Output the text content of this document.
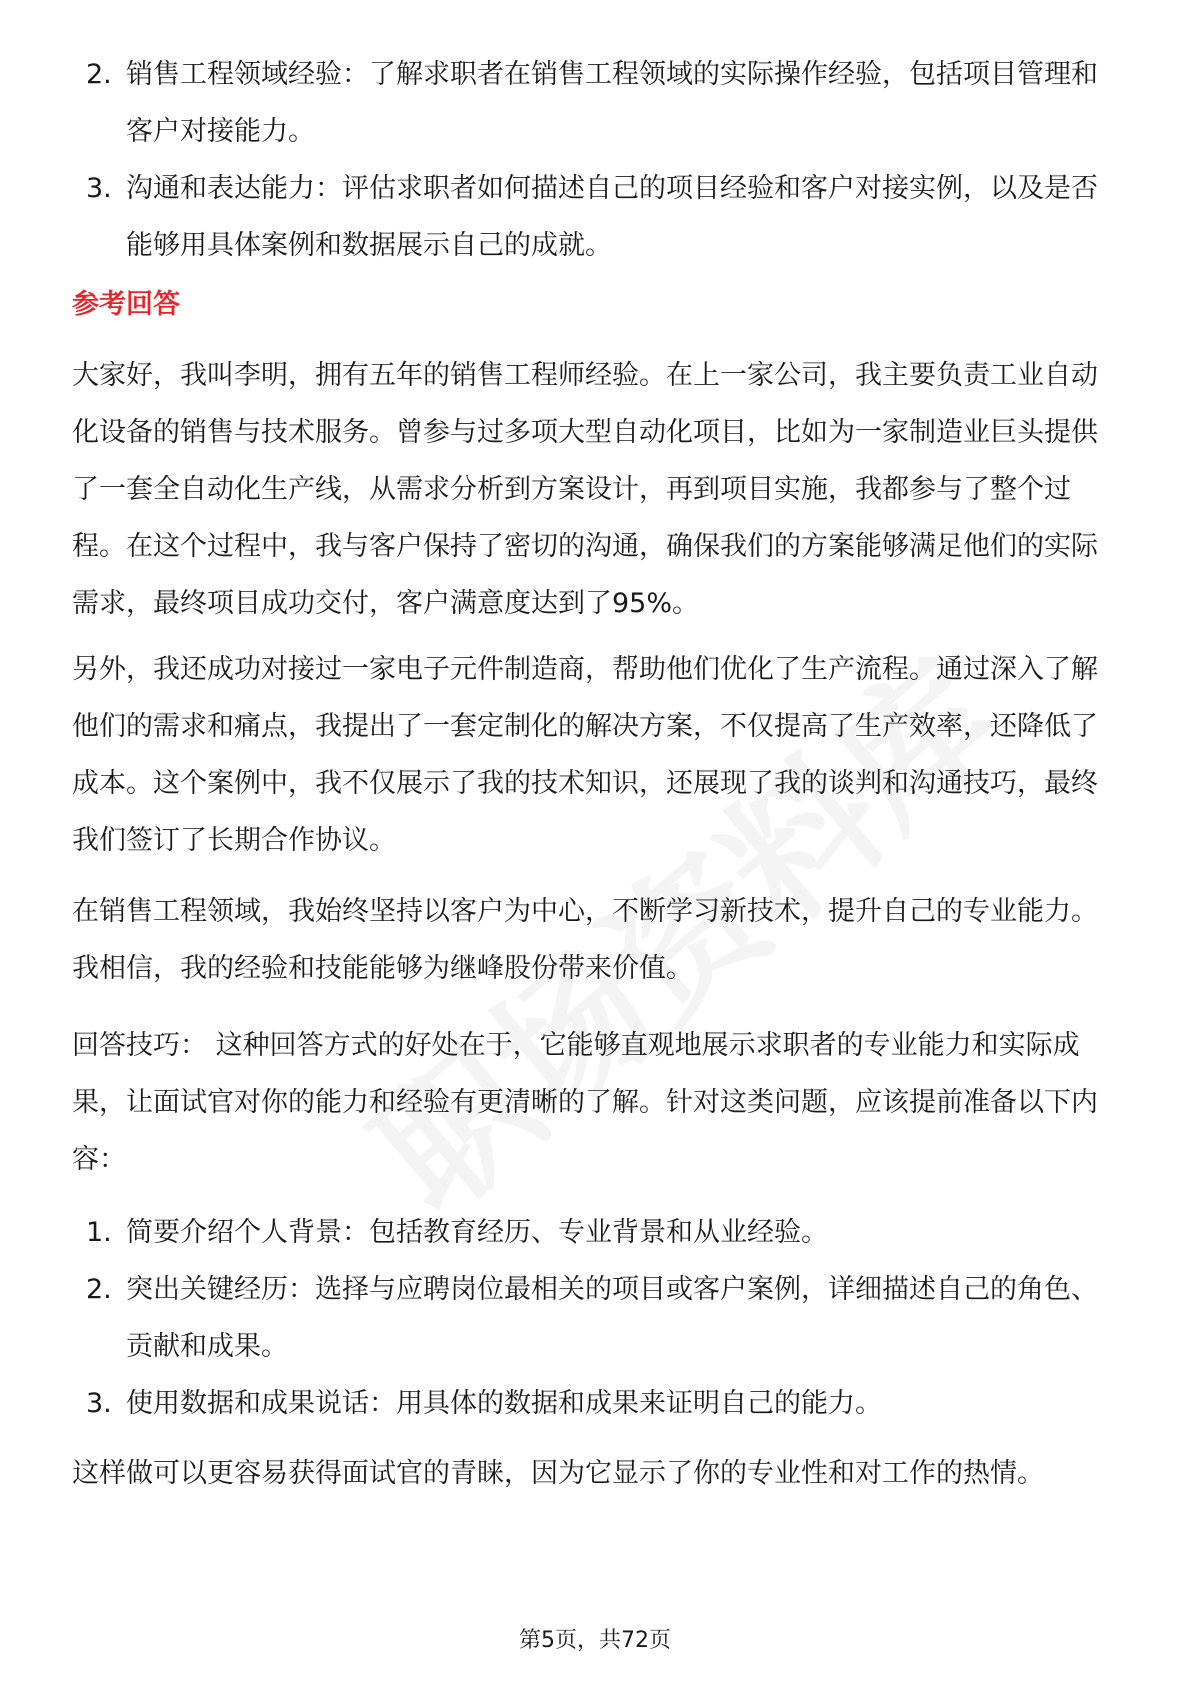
2. 销售工程领域经验：了解求职者在销售工程领域的实际操作经验，包括项目管理和客户对接能力。
3. 沟通和表达能力：评估求职者如何描述自己的项目经验和客户对接实例，以及是否能够用具体案例和数据展示自己的成就。
参考回答
大家好，我叫李明，拥有五年的销售工程师经验。在上一家公司，我主要负责工业自动化设备的销售与技术服务。曾参与过多项大型自动化项目，比如为一家制造业巨头提供了一套全自动化生产线，从需求分析到方案设计，再到项目实施，我都参与了整个过程。在这个过程中，我与客户保持了密切的沟通，确保我们的方案能够满足他们的实际需求，最终项目成功交付，客户满意度达到了95%。
另外，我还成功对接过一家电子元件制造商，帮助他们优化了生产流程。通过深入了解他们的需求和痛点，我提出了一套定制化的解决方案，不仅提高了生产效率，还降低了成本。这个案例中，我不仅展示了我的技术知识，还展现了我的谈判和沟通技巧，最终我们签订了长期合作协议。
在销售工程领域，我始终坚持以客户为中心，不断学习新技术，提升自己的专业能力。我相信，我的经验和技能能够为继峰股份带来价值。
回答技巧： 这种回答方式的好处在于，它能够直观地展示求职者的专业能力和实际成果，让面试官对你的能力和经验有更清晰的了解。针对这类问题，应该提前准备以下内容：
1. 简要介绍个人背景：包括教育经历、专业背景和从业经验。
2. 突出关键经历：选择与应聘岗位最相关的项目或客户案例，详细描述自己的角色、贡献和成果。
3. 使用数据和成果说话：用具体的数据和成果来证明自己的能力。
这样做可以更容易获得面试官的青睐，因为它显示了你的专业性和对工作的热情。
第5页，共72页
